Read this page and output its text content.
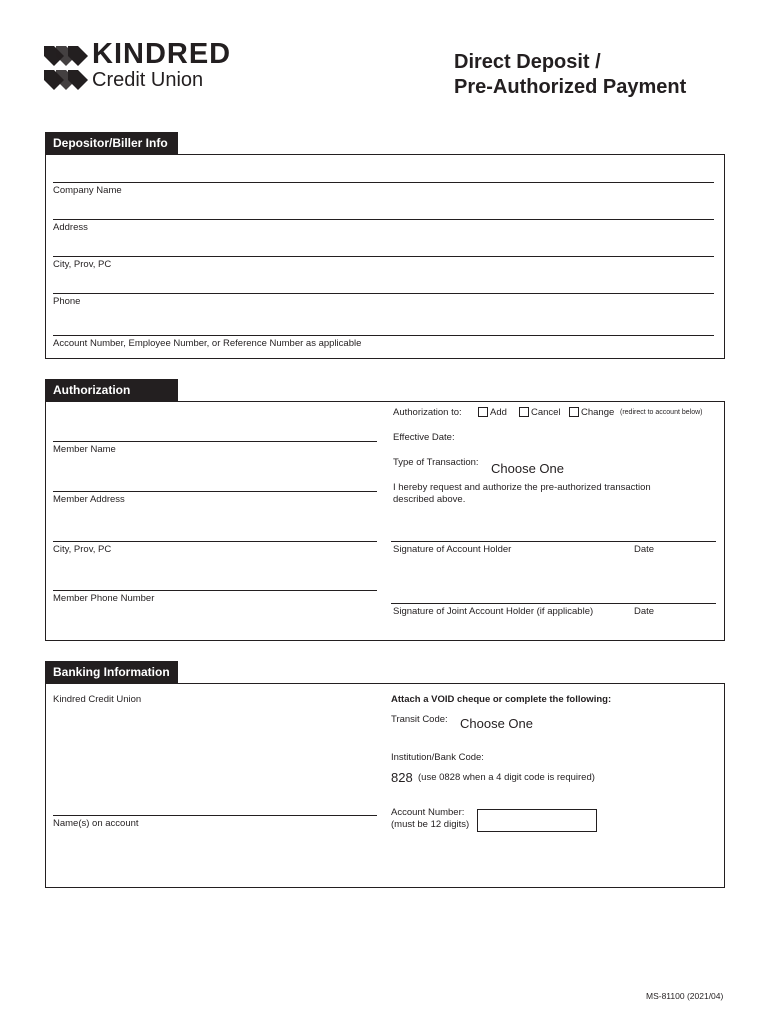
KINDRED
Credit Union
Direct Deposit /
Pre-Authorized Payment
Depositor/Biller Info
Company Name
Address
City, Prov, PC
Phone
Account Number, Employee Number, or Reference Number as applicable
Authorization
Member Name
Member Address
City, Prov, PC
Member Phone Number
Authorization to:	Add	Cancel Change (redirect to account below)
Effective Date:
Type of Transaction: Choose One
I hereby request and authorize the pre-authorized transaction
described above.
Signature of Account Holder	Date
Signature of Joint Account Holder (if applicable)	Date
Banking Information
Kindred Credit Union
Name(s) on account
Attach a VOID cheque or complete the following:
Transit Code: Choose One
Institution/Bank Code:
828 (use 0828 when a 4 digit code is required)
Account Number:
(must be 12 digits)
MS-81100 (2021/04)
